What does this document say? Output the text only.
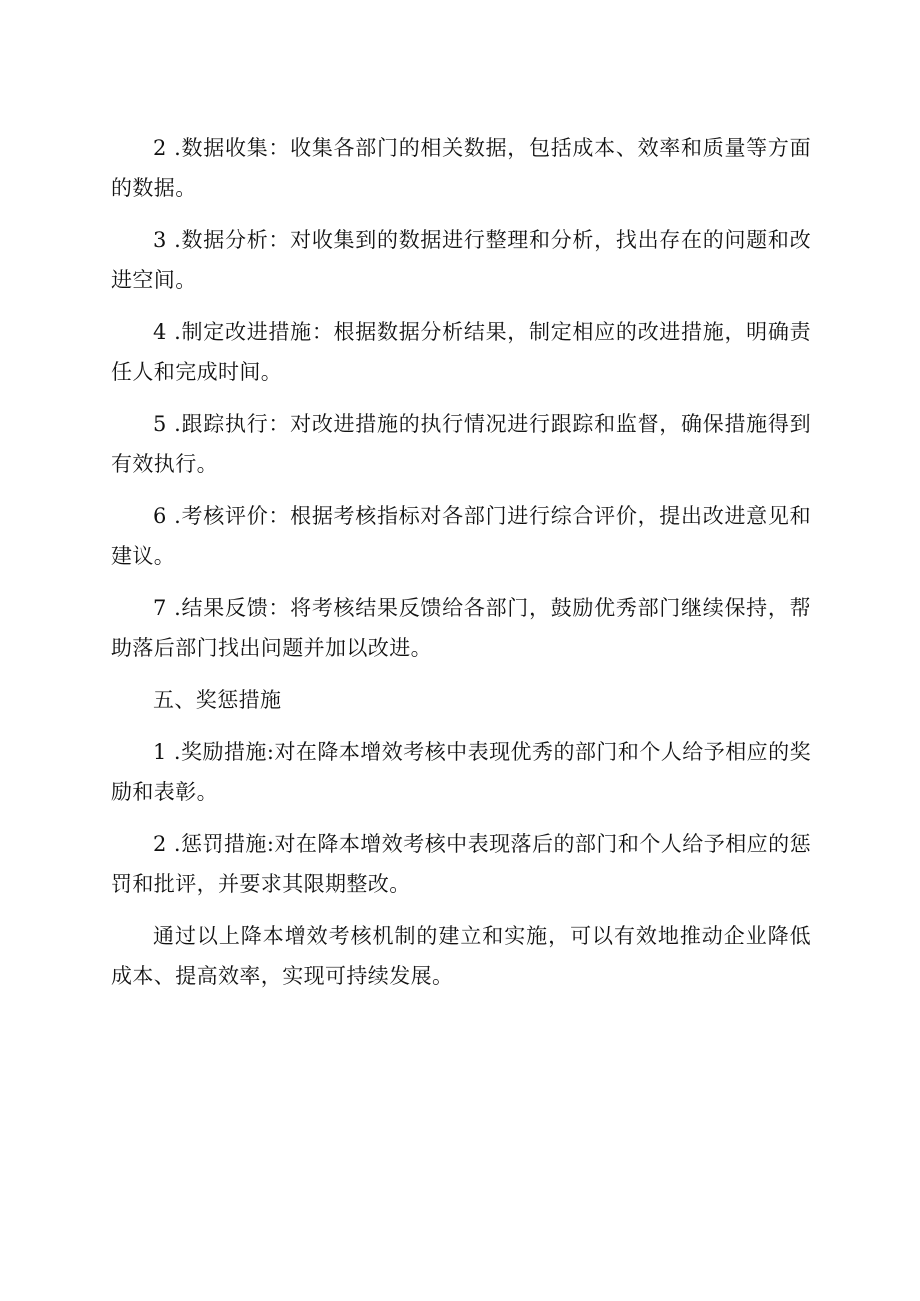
2 .数据收集：收集各部门的相关数据，包括成本、效率和质量等方面的数据。

3 .数据分析：对收集到的数据进行整理和分析，找出存在的问题和改进空间。

4 .制定改进措施：根据数据分析结果，制定相应的改进措施，明确责任人和完成时间。

5 .跟踪执行：对改进措施的执行情况进行跟踪和监督，确保措施得到有效执行。

6 .考核评价：根据考核指标对各部门进行综合评价，提出改进意见和建议。

7 .结果反馈：将考核结果反馈给各部门，鼓励优秀部门继续保持，帮助落后部门找出问题并加以改进。

五、奖惩措施

1 .奖励措施:对在降本增效考核中表现优秀的部门和个人给予相应的奖励和表彰。

2 .惩罚措施:对在降本增效考核中表现落后的部门和个人给予相应的惩罚和批评，并要求其限期整改。

通过以上降本增效考核机制的建立和实施，可以有效地推动企业降低成本、提高效率，实现可持续发展。
